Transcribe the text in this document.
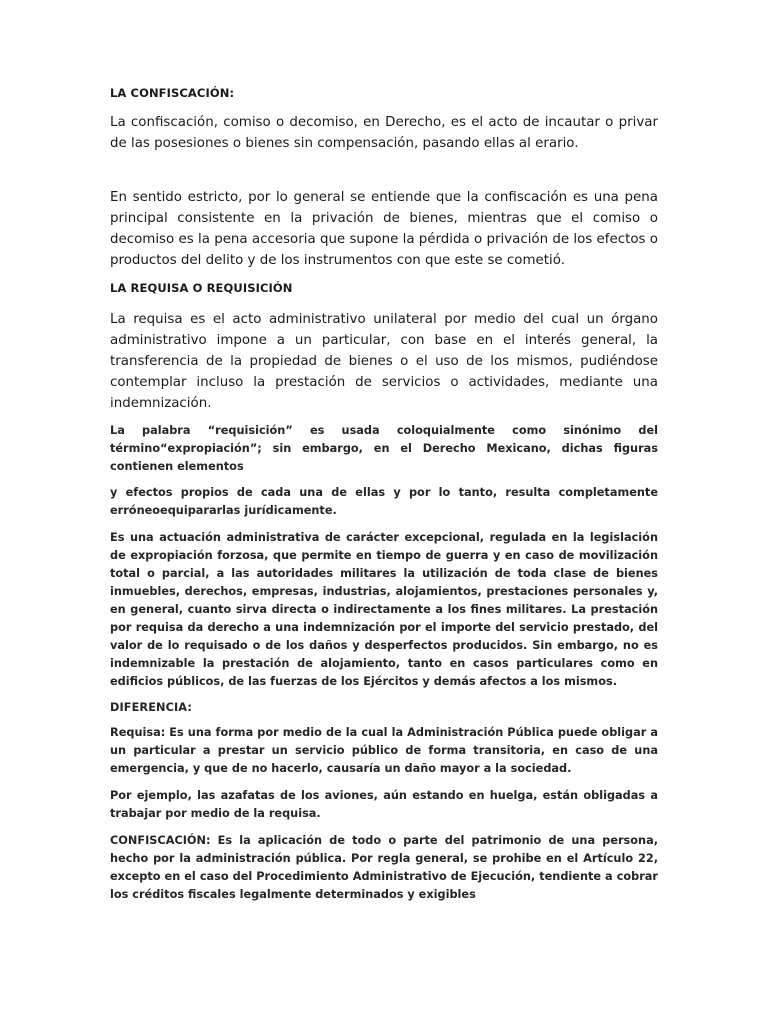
LA CONFISCACIÓN:

La confiscación, comiso o decomiso, en Derecho, es el acto de incautar o privar de las posesiones o bienes sin compensación, pasando ellas al erario.

En sentido estricto, por lo general se entiende que la confiscación es una pena principal consistente en la privación de bienes, mientras que el comiso o decomiso es la pena accesoria que supone la pérdida o privación de los efectos o productos del delito y de los instrumentos con que este se cometió.

LA REQUISA O REQUISICIÓN

La requisa es el acto administrativo unilateral por medio del cual un órgano administrativo impone a un particular, con base en el interés general, la transferencia de la propiedad de bienes o el uso de los mismos, pudiéndose contemplar incluso la prestación de servicios o actividades, mediante una indemnización.

La palabra “requisición” es usada coloquialmente como sinónimo del término“expropiación”; sin embargo, en el Derecho Mexicano, dichas figuras contienen elementos

y efectos propios de cada una de ellas y por lo tanto, resulta completamente erróneoequipararlas jurídicamente.

Es una actuación administrativa de carácter excepcional, regulada en la legislación de expropiación forzosa, que permite en tiempo de guerra y en caso de movilización total o parcial, a las autoridades militares la utilización de toda clase de bienes inmuebles, derechos, empresas, industrias, alojamientos, prestaciones personales y, en general, cuanto sirva directa o indirectamente a los fines militares. La prestación por requisa da derecho a una indemnización por el importe del servicio prestado, del valor de lo requisado o de los daños y desperfectos producidos. Sin embargo, no es indemnizable la prestación de alojamiento, tanto en casos particulares como en edificios públicos, de las fuerzas de los Ejércitos y demás afectos a los mismos.

DIFERENCIA:

Requisa: Es una forma por medio de la cual la Administración Pública puede obligar a un particular a prestar un servicio público de forma transitoria, en caso de una emergencia, y que de no hacerlo, causaría un daño mayor a la sociedad.

Por ejemplo, las azafatas de los aviones, aún estando en huelga, están obligadas a trabajar por medio de la requisa.

CONFISCACIÓN: Es la aplicación de todo o parte del patrimonio de una persona, hecho por la administración pública. Por regla general, se prohibe en el Artículo 22, excepto en el caso del Procedimiento Administrativo de Ejecución, tendiente a cobrar los créditos fiscales legalmente determinados y exigibles
